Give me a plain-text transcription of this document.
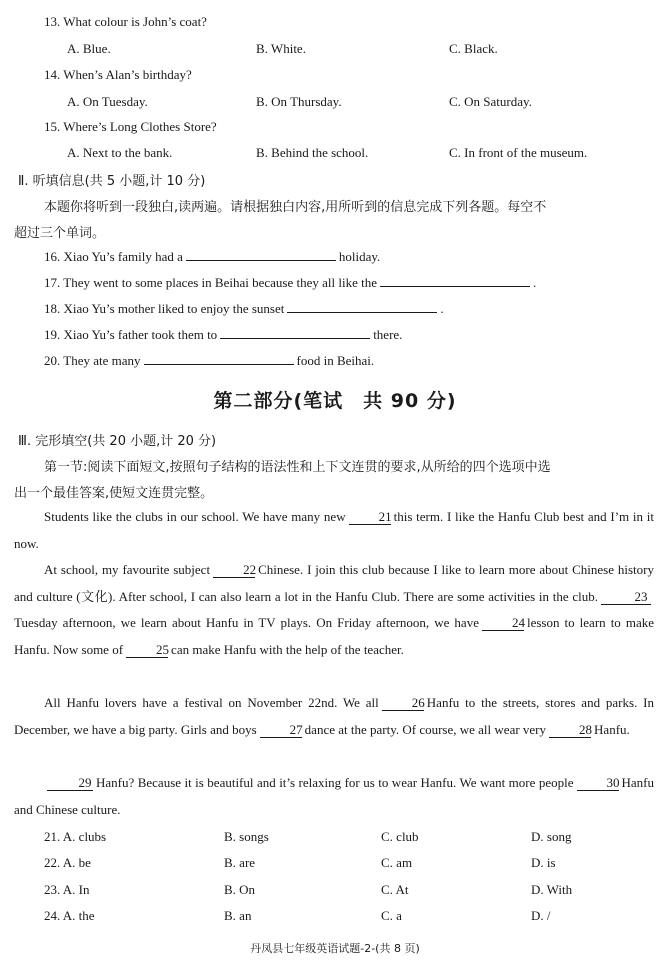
13. What colour is John’s coat?
A. Blue.	B. White.	C. Black.
14. When’s Alan’s birthday?
A. On Tuesday.	B. On Thursday.	C. On Saturday.
15. Where’s Long Clothes Store?
A. Next to the bank.	B. Behind the school.	C. In front of the museum.
Ⅱ. 听填信息(共 5 小题,计 10 分)
本题你将听到一段独白,读两遍。请根据独白内容,用所听到的信息完成下列各题。每空不
超过三个单词。
16. Xiao Yu’s family had a	holiday.
17. They went to some places in Beihai because they all like the	.
18. Xiao Yu’s mother liked to enjoy the sunset	.
19. Xiao Yu’s father took them to	there.
20. They ate many	food in Beihai.
第二部分(笔试　共 90 分)
Ⅲ. 完形填空(共 20 小题,计 20 分)
第一节:阅读下面短文,按照句子结构的语法性和上下文连贯的要求,从所给的四个选项中选
出一个最佳答案,使短文连贯完整。

Students like the clubs in our school. We have many new	21 this term. I like the Hanfu Club best and I’m in it now.

At school, my favourite subject	22 Chinese. I join this club because I like to learn more about Chinese history and culture (文化). After school, I can also learn a lot in the Hanfu Club. There are some activities in the club.	23Tuesday afternoon, we learn about Hanfu in TV plays. On Friday afternoon, we have	24 lesson to learn to make Hanfu. Now some of	25 can make Hanfu with the help of the teacher.

All Hanfu lovers have a festival on November 22nd. We all	26 Hanfu to the streets, stores and parks. In December, we have a big party. Girls and boys	27 dance at the party. Of course, we all wear very	28 Hanfu.

29 Hanfu? Because it is beautiful and it’s relaxing for us to wear Hanfu. We want more people	30 Hanfu and Chinese culture.

21. A. clubs	B. songs	C. club	D. song
22. A. be	B. are	C. am	D. is
23. A. In	B. On	C. At	D. With
24. A. the	B. an	C. a	D. /
丹凤县七年级英语试题-2-(共 8 页)
